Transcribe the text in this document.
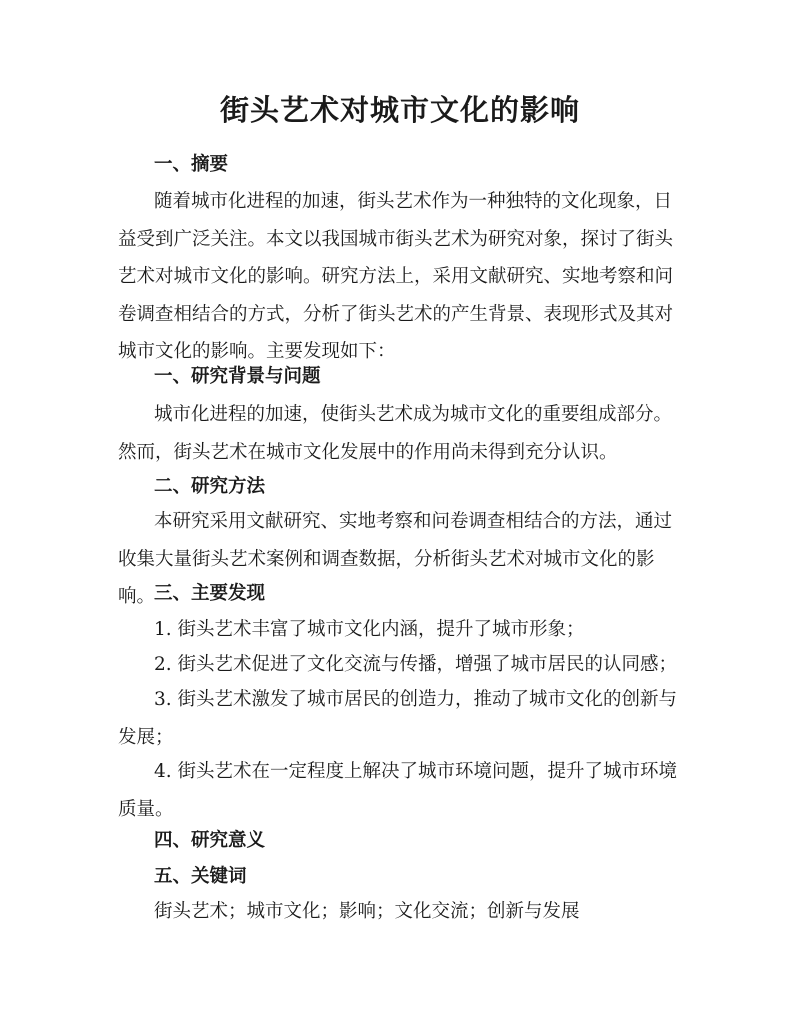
街头艺术对城市文化的影响
一、摘要
随着城市化进程的加速，街头艺术作为一种独特的文化现象，日益受到广泛关注。本文以我国城市街头艺术为研究对象，探讨了街头艺术对城市文化的影响。研究方法上，采用文献研究、实地考察和问卷调查相结合的方式，分析了街头艺术的产生背景、表现形式及其对城市文化的影响。主要发现如下：
一、研究背景与问题
城市化进程的加速，使街头艺术成为城市文化的重要组成部分。然而，街头艺术在城市文化发展中的作用尚未得到充分认识。
二、研究方法
本研究采用文献研究、实地考察和问卷调查相结合的方法，通过收集大量街头艺术案例和调查数据，分析街头艺术对城市文化的影响。
三、主要发现
1. 街头艺术丰富了城市文化内涵，提升了城市形象；
2. 街头艺术促进了文化交流与传播，增强了城市居民的认同感；
3. 街头艺术激发了城市居民的创造力，推动了城市文化的创新与发展；
4. 街头艺术在一定程度上解决了城市环境问题，提升了城市环境质量。
四、研究意义
五、关键词
街头艺术；城市文化；影响；文化交流；创新与发展
